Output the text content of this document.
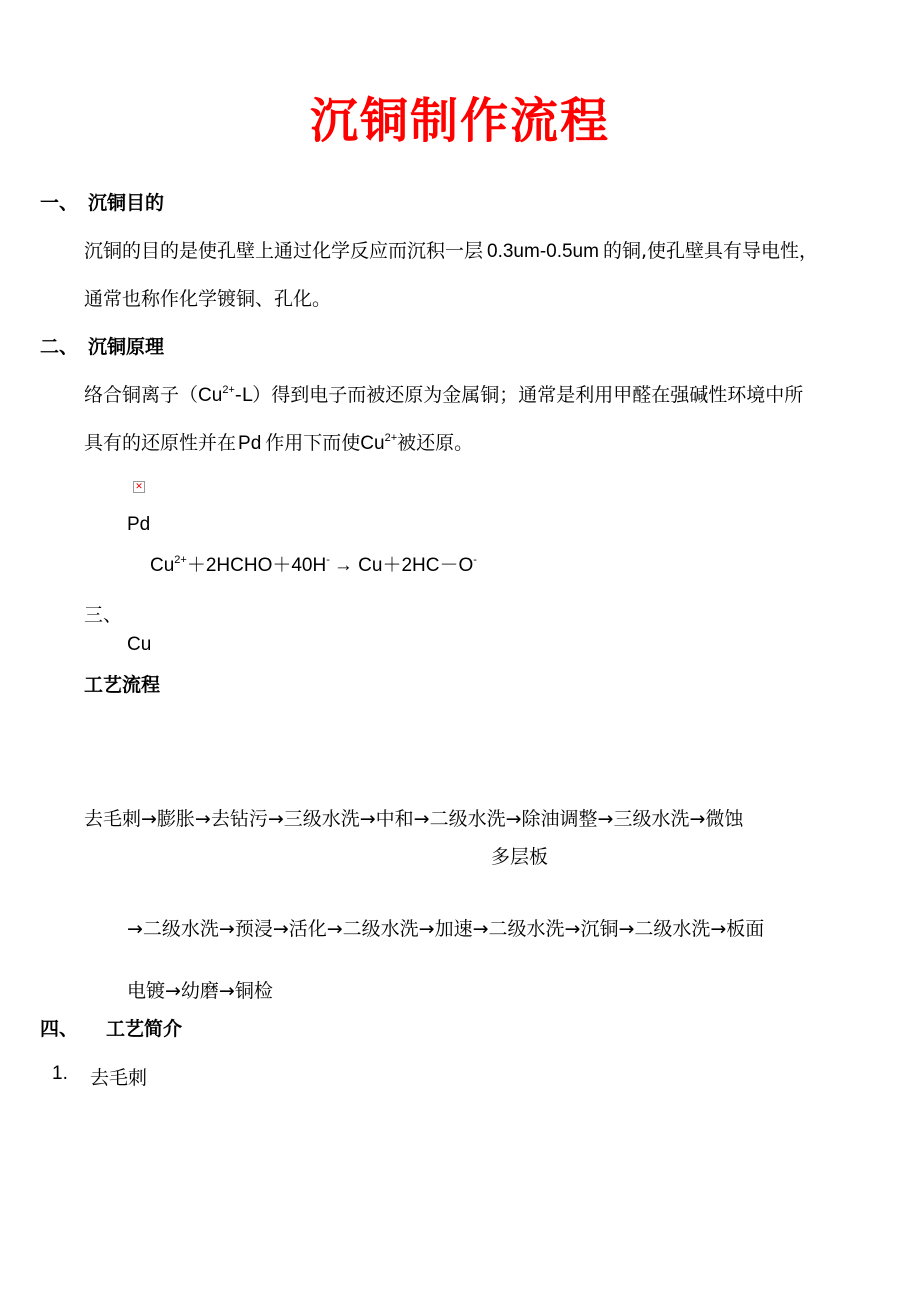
沉铜制作流程
一、 沉铜目的
沉铜的目的是使孔壁上通过化学反应而沉积一层 0.3um-0.5um 的铜,使孔壁具有导电性，
通常也称作化学镀铜、孔化。
二、 沉铜原理
络合铜离子$(Cu^{2+}-L)$得到电子而被还原为金属铜；通常是利用甲醛在强碱性环境中所
具有的还原性并在 Pd 作用下而使$Cu^{2+}$被还原。
✕
Pd
$Cu^{2+}+2HCHO+40H^- \to Cu+2HC-O^-$
三、
Cu
工艺流程
去毛刺→膨胀→去钻污→三级水洗→中和→二级水洗→除油调整→三级水洗→微蚀
多层板
→二级水洗→预浸→活化→二级水洗→加速→二级水洗→沉铜→二级水洗→板面
电镀→幼磨→铜检
四、 工艺简介
1. 去毛刺
